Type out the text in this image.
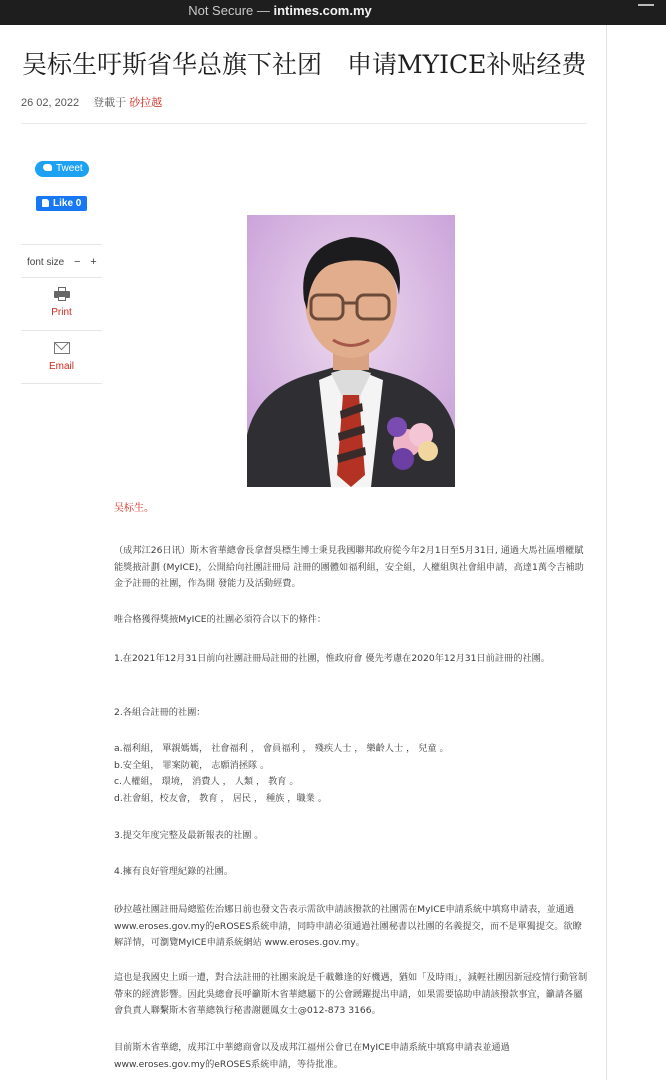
Not Secure — intimes.com.my
吴标生吁斯省华总旗下社团　申请MYICE补贴经费
26 02, 2022 登載于 砂拉越
Tweet
Like 0
font size − +
Print
Email
吴标生。
（成邦江26日讯）斯木省華總會長拿督吳標生博士秉見我國聯邦政府從今年2月1日至5月31日, 通過大馬社區增權賦能獎掖計劃 (MyICE)，公開給向社團註冊局 註冊的團體如福利組，安全組，人權組與社會組申請，高達1萬令吉補助金予註冊的社團，作為開 發能力及活動經費。
唯合格獲得獎掖MyICE的社團必須符合以下的條件：
1.在2021年12月31日前向社團註冊局註冊的社團，惟政府會 優先考慮在2020年12月31日前註冊的社團。
2.各組合註冊的社團：
a.福利組， 單親媽媽， 社會福利 ， 會員福利 ， 殘疾人士 ， 樂齡人士 ， 兒童 。
b.安全組， 罪案防範， 志願消拯隊 。
c.人權組， 環境， 消費人 ， 人類 ， 教育 。
d.社會組，校友會， 教育 ， 居民 ， 種族 ，職業 。
3.提交年度完整及最新報表的社團 。
4.擁有良好管理紀錄的社團。
砂拉越社團註冊局總監佐治娜日前也發文告表示需欲申請該撥款的社團需在MyICE申請系統中填寫申請表，並通過www.eroses.gov.my的eROSES系統申請，同時申請必須通過社團秘書以社團的名義提交，而不是單獨提交。欲瞭解詳情，可瀏覽MyICE申請系統網站 www.eroses.gov.my。
這也是我國史上頭一遭，對合法註冊的社團來說是千載難逢的好機遇，猶如「及時雨」，減輕社團因新冠疫情行動管制帶來的經濟影響。因此吳總會長呼籲斯木省華總屬下的公會踴躍提出申請，如果需要協助申請該撥款事宜，籲請各屬會負責人聯繫斯木省華總執行秘書謝麗鳳女士@012-873 3166。
目前斯木省華總，成邦江中華總商會以及成邦江福州公會已在MyICE申請系統中填寫申請表並通過www.eroses.gov.my的eROSES系統申請，等待批准。
